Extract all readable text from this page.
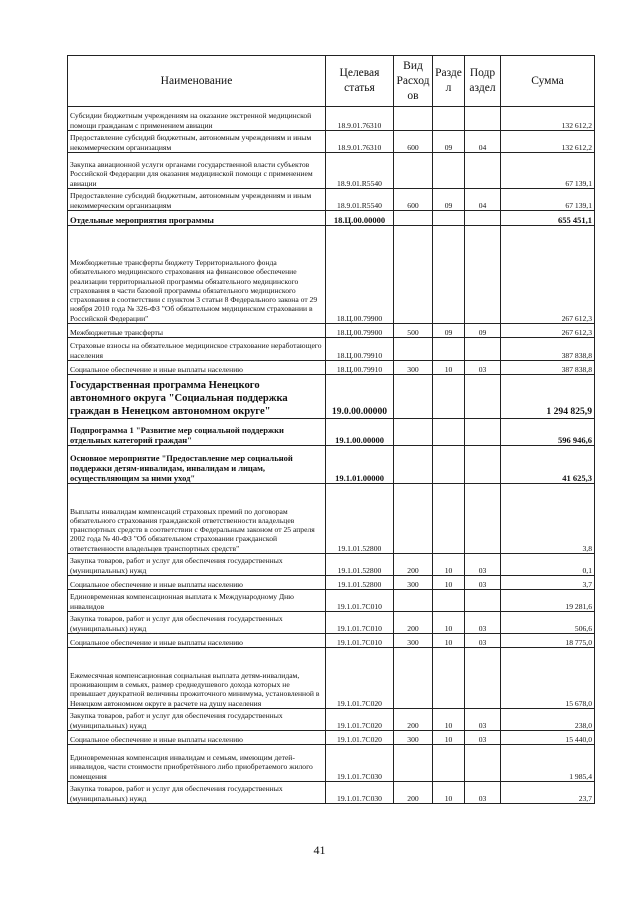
Наименование	Целевая статья	Вид Расход ов	Разде л	Подр аздел	Сумма
Субсидии бюджетным учреждениям на оказание экстренной медицинской помощи гражданам с применением авиации	18.9.01.76310				132 612,2
Предоставление субсидий бюджетным, автономным учреждениям и иным некоммерческим организациям	18.9.01.76310	600	09	04	132 612,2
Закупка авиационной услуги органами государственной власти субъектов Российской Федерации для оказания медицинской помощи с применением авиации	18.9.01.R5540				67 139,1
Предоставление субсидий бюджетным, автономным учреждениям и иным некоммерческим организациям	18.9.01.R5540	600	09	04	67 139,1
Отдельные мероприятия программы	18.Ц.00.00000				655 451,1
Межбюджетные трансферты бюджету Территориального фонда обязательного медицинского страхования на финансовое обеспечение реализации территориальной программы обязательного медицинского страхования в части базовой программы обязательного медицинского страхования в соответствии с пунктом 3 статьи 8 Федерального закона от 29 ноября 2010 года № 326-ФЗ "Об обязательном медицинском страховании в Российской Федерации"	18.Ц.00.79900				267 612,3
Межбюджетные трансферты	18.Ц.00.79900	500	09	09	267 612,3
Страховые взносы на обязательное медицинское страхование неработающего населения	18.Ц.00.79910				387 838,8
Социальное обеспечение и иные выплаты населению	18.Ц.00.79910	300	10	03	387 838,8
Государственная программа Ненецкого автономного округа "Социальная поддержка граждан в Ненецком автономном округе"	19.0.00.00000				1 294 825,9
Подпрограмма 1 "Развитие мер социальной поддержки отдельных категорий граждан"	19.1.00.00000				596 946,6
Основное мероприятие "Предоставление мер социальной поддержки детям-инвалидам, инвалидам и лицам, осуществляющим за ними уход"	19.1.01.00000				41 625,3
Выплаты инвалидам компенсаций страховых премий по договорам обязательного страхования гражданской ответственности владельцев транспортных средств в соответствии с Федеральным законом от 25 апреля 2002 года № 40-ФЗ "Об обязательном страховании гражданской ответственности владельцев транспортных средств"	19.1.01.52800				3,8
Закупка товаров, работ и услуг для обеспечения государственных (муниципальных) нужд	19.1.01.52800	200	10	03	0,1
Социальное обеспечение и иные выплаты населению	19.1.01.52800	300	10	03	3,7
Единовременная компенсационная выплата к Международному Дню инвалидов	19.1.01.7С010				19 281,6
Закупка товаров, работ и услуг для обеспечения государственных (муниципальных) нужд	19.1.01.7С010	200	10	03	506,6
Социальное обеспечение и иные выплаты населению	19.1.01.7С010	300	10	03	18 775,0
Ежемесячная компенсационная социальная выплата детям-инвалидам, проживающим в семьях, размер среднедушевого дохода которых не превышает двукратной величины прожиточного минимума, установленной в Ненецком автономном округе в расчете на душу населения	19.1.01.7С020				15 678,0
Закупка товаров, работ и услуг для обеспечения государственных (муниципальных) нужд	19.1.01.7С020	200	10	03	238,0
Социальное обеспечение и иные выплаты населению	19.1.01.7С020	300	10	03	15 440,0
Единовременная компенсация инвалидам и семьям, имеющим детей-инвалидов, части стоимости приобретённого либо приобретаемого жилого помещения	19.1.01.7С030				1 985,4
Закупка товаров, работ и услуг для обеспечения государственных (муниципальных) нужд	19.1.01.7С030	200	10	03	23,7
41
